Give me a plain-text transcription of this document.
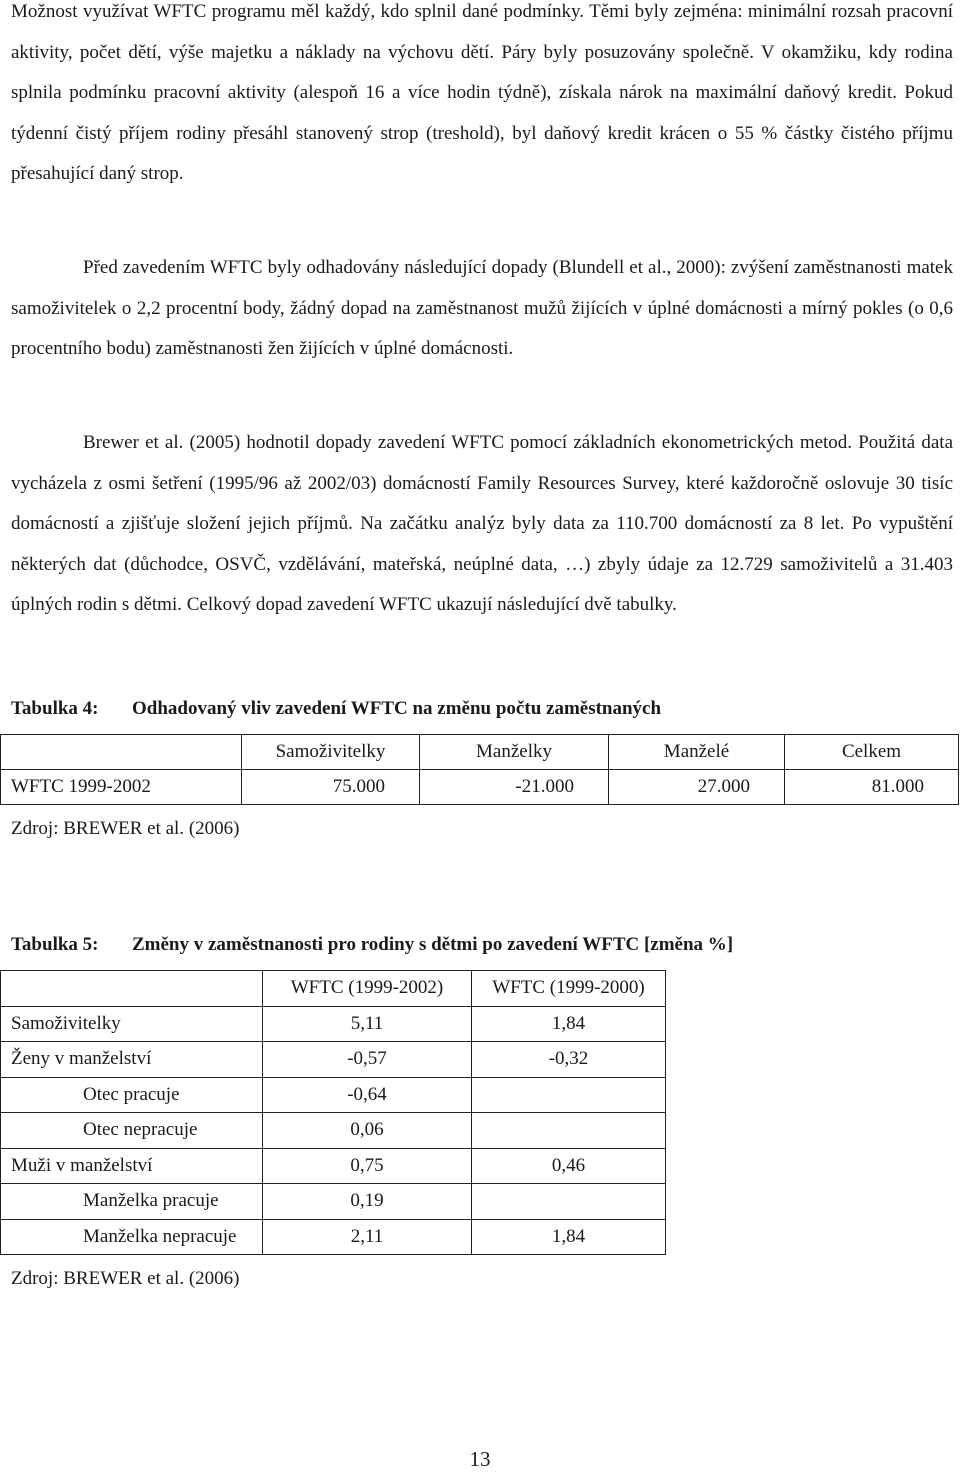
Možnost využívat WFTC programu měl každý, kdo splnil dané podmínky. Těmi byly zejména: minimální rozsah pracovní aktivity, počet dětí, výše majetku a náklady na výchovu dětí. Páry byly posuzovány společně. V okamžiku, kdy rodina splnila podmínku pracovní aktivity (alespoň 16 a více hodin týdně), získala nárok na maximální daňový kredit. Pokud týdenní čistý příjem rodiny přesáhl stanovený strop (treshold), byl daňový kredit krácen o 55 % částky čistého příjmu přesahující daný strop.

Před zavedením WFTC byly odhadovány následující dopady (Blundell et al., 2000): zvýšení zaměstnanosti matek samoživitelek o 2,2 procentní body, žádný dopad na zaměstnanost mužů žijících v úplné domácnosti a mírný pokles (o 0,6 procentního bodu) zaměstnanosti žen žijících v úplné domácnosti.

Brewer et al. (2005) hodnotil dopady zavedení WFTC pomocí základních ekonometrických metod. Použitá data vycházela z osmi šetření (1995/96 až 2002/03) domácností Family Resources Survey, které každoročně oslovuje 30 tisíc domácností a zjišťuje složení jejich příjmů. Na začátku analýz byly data za 110.700 domácností za 8 let. Po vypuštění některých dat (důchodce, OSVČ, vzdělávání, mateřská, neúplné data, …) zbyly údaje za 12.729 samoživitelů a 31.403 úplných rodin s dětmi. Celkový dopad zavedení WFTC ukazují následující dvě tabulky.

Tabulka 4: Odhadovaný vliv zavedení WFTC na změnu počtu zaměstnaných
	Samoživitelky	Manželky	Manželé	Celkem
WFTC 1999-2002	75.000	-21.000	27.000	81.000
Zdroj: BREWER et al. (2006)
Tabulka 5: Změny v zaměstnanosti pro rodiny s dětmi po zavedení WFTC [změna %]
	WFTC (1999-2002)	WFTC (1999-2000)
Samoživitelky	5,11	1,84
Ženy v manželství	-0,57	-0,32
Otec pracuje	-0,64	
Otec nepracuje	0,06	
Muži v manželství	0,75	0,46
Manželka pracuje	0,19	
Manželka nepracuje	2,11	1,84
Zdroj: BREWER et al. (2006)
13
